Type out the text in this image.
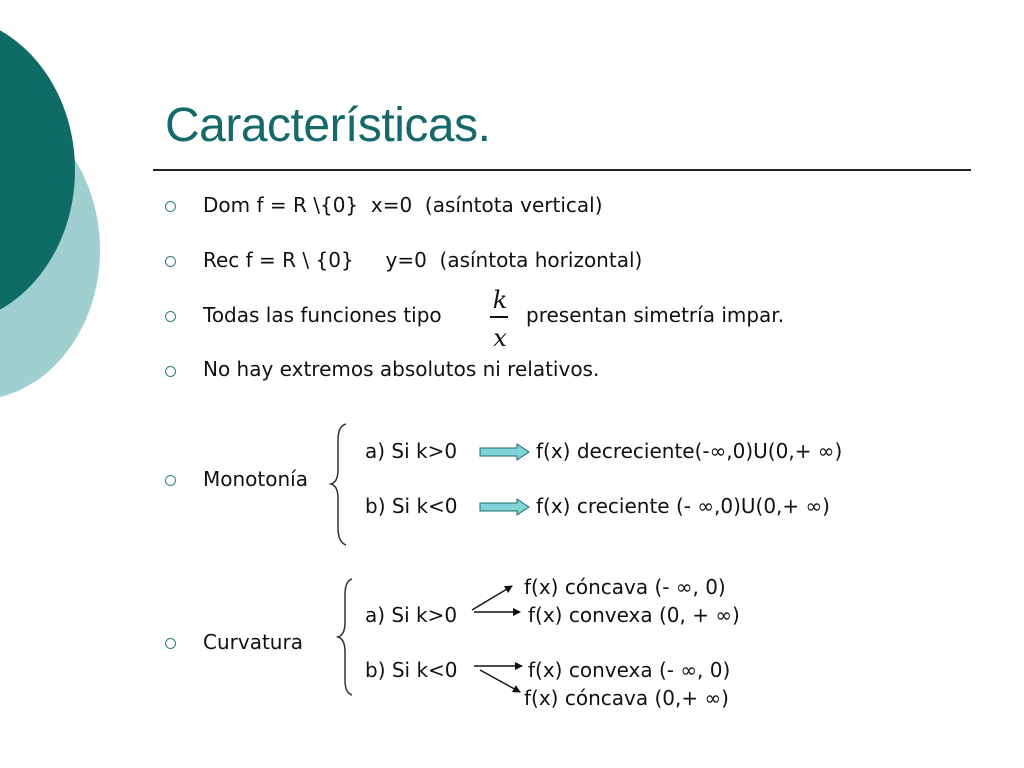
Características.
Dom f = R \{0}  x=0  (asíntota vertical)
Rec f = R \ {0}     y=0  (asíntota horizontal)
Todas las funciones tipo
k
x
presentan simetría impar.
No hay extremos absolutos ni relativos.
Monotonía
a) Si k>0	f(x) decreciente(-∞,0)U(0,+ ∞)
b) Si k<0	f(x) creciente (- ∞,0)U(0,+ ∞)
Curvatura
f(x) cóncava (- ∞, 0)
a) Si k>0	f(x) convexa (0, + ∞)
b) Si k<0	f(x) convexa (- ∞, 0)
f(x) cóncava (0,+ ∞)
